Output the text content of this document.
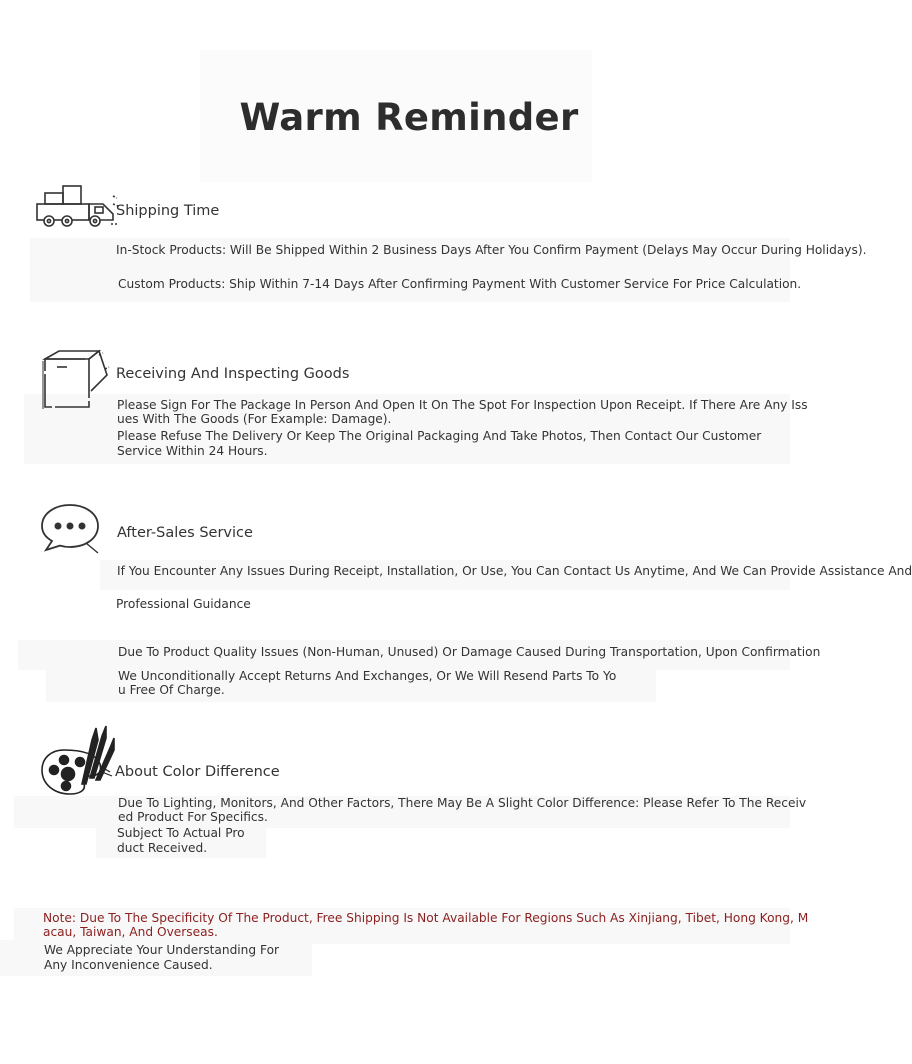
Warm Reminder
Shipping Time
In-Stock Products: Will Be Shipped Within 2 Business Days After You Confirm Payment (Delays May Occur During Holidays).
Custom Products: Ship Within 7-14 Days After Confirming Payment With Customer Service For Price Calculation.
Receiving And Inspecting Goods
Please Sign For The Package In Person And Open It On The Spot For Inspection Upon Receipt. If There Are Any Iss
ues With The Goods (For Example: Damage).
Please Refuse The Delivery Or Keep The Original Packaging And Take Photos, Then Contact Our Customer
Service Within 24 Hours.
After-Sales Service
If You Encounter Any Issues During Receipt, Installation, Or Use, You Can Contact Us Anytime, And We Can Provide Assistance And
Professional Guidance
Due To Product Quality Issues (Non-Human, Unused) Or Damage Caused During Transportation, Upon Confirmation
We Unconditionally Accept Returns And Exchanges, Or We Will Resend Parts To Yo
u Free Of Charge.
About Color Difference
Due To Lighting, Monitors, And Other Factors, There May Be A Slight Color Difference: Please Refer To The Receiv
ed Product For Specifics.
Subject To Actual Pro
duct Received.
Note: Due To The Specificity Of The Product, Free Shipping Is Not Available For Regions Such As Xinjiang, Tibet, Hong Kong, M
acau, Taiwan, And Overseas.
We Appreciate Your Understanding For
Any Inconvenience Caused.
